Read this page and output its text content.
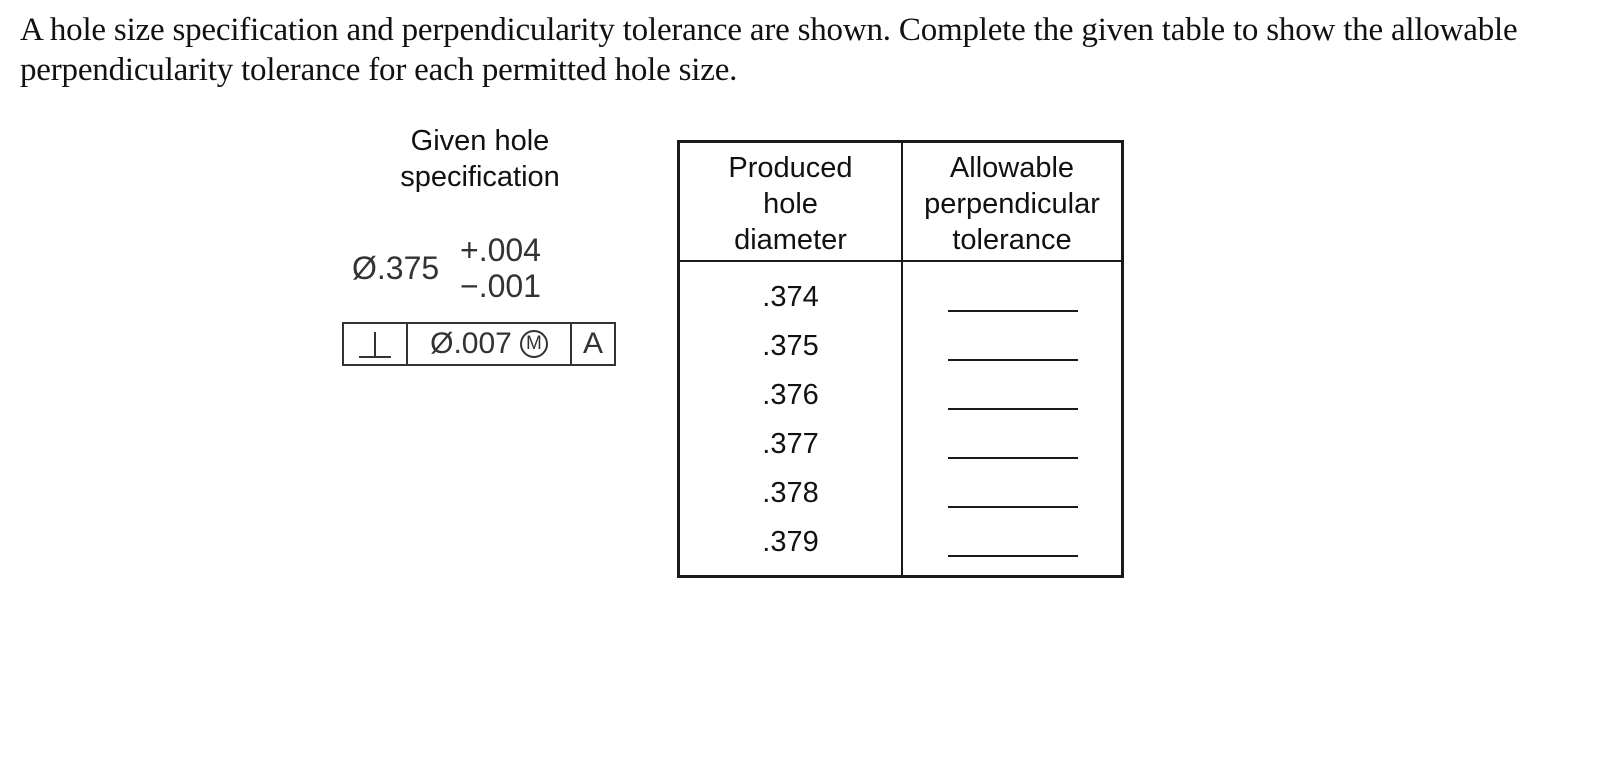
A hole size specification and perpendicularity tolerance are shown. Complete the given table to show the allowable perpendicularity tolerance for each permitted hole size.

Given hole
specification
Ø.375 +.004
−.001
Ø.007 M	A
Produced
hole
diameter
Allowable
perpendicular
tolerance
.374
.375
.376
.377
.378
.379
